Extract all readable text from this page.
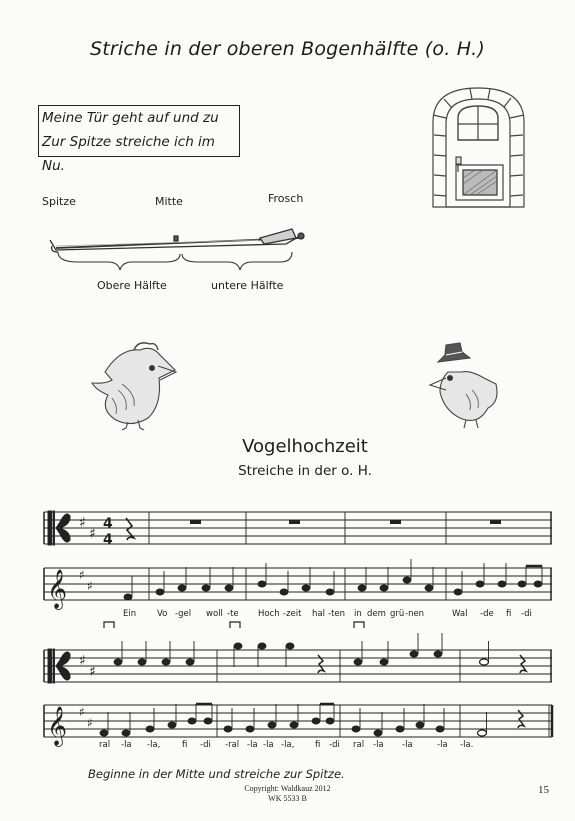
Striche in der oberen Bogenhälfte (o. H.)
Meine Tür geht auf und zu
Zur Spitze streiche ich im Nu.
Spitze	Mitte	Frosch
Obere Hälfte	untere Hälfte
Vogelhochzeit
Streiche in der o. H.
Beginne in der Mitte und streiche zur Spitze.
Copyright: Waldkauz 2012
WK 5533 B
15
Ein Vo -gel woll -te Hoch -zeit hal -ten in dem grü -nen	Wal -de fi -di
ral -la -la,	fi -di -ral -la -la -la, fi -di ral -la -la	-la -la.
♯
♯
4
4
𝄞 ♯
♯
♯
♯
𝄞 ♯
♯
